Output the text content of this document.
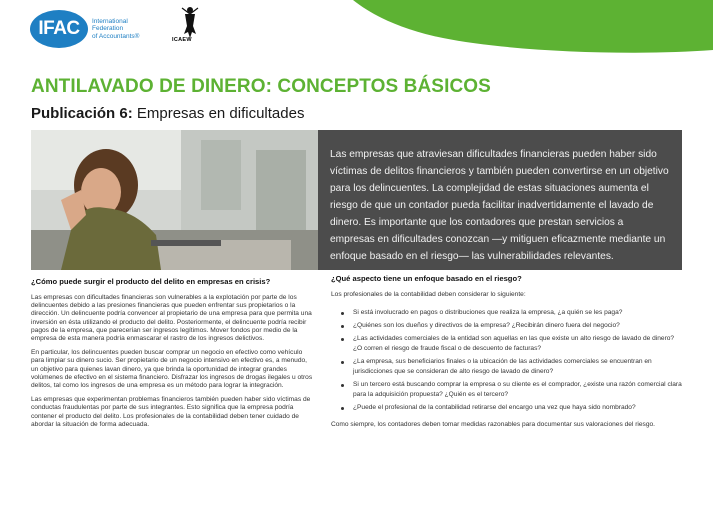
IFAC	International
Federation
of Accountants®
ICAEW
ANTILAVADO DE DINERO: CONCEPTOS BÁSICOS
Publicación 6: Empresas en dificultades

Las empresas que atraviesan dificultades financieras pueden haber sido víctimas de delitos financieros y también pueden convertirse en un objetivo para los delincuentes. La complejidad de estas situaciones aumenta el riesgo de que un contador pueda facilitar inadvertidamente el lavado de dinero. Es importante que los contadores que prestan servicios a empresas en dificultades conozcan —y mitiguen eficazmente mediante un enfoque basado en el riesgo— las vulnerabilidades relevantes.

¿Cómo puede surgir el producto del delito en empresas en crisis?

Las empresas con dificultades financieras son vulnerables a la explotación por parte de los delincuentes debido a las presiones financieras que pueden enfrentar sus propietarios o la dirección. Un delincuente podría convencer al propietario de una empresa para que permita una inversión en ésta utilizando el producto del delito. Posteriormente, el delincuente podría recibir pagos de la empresa, que parecerían ser ingresos legítimos. Mover fondos por medio de la empresa de esta manera podría enmascarar el rastro de los ingresos delictivos.

En particular, los delincuentes pueden buscar comprar un negocio en efectivo como vehículo para limpiar su dinero sucio. Ser propietario de un negocio intensivo en efectivo es, a menudo, un objetivo para quienes lavan dinero, ya que brinda la oportunidad de integrar grandes volúmenes de efectivo en el sistema financiero. Disfrazar los ingresos de drogas ilegales u otros delitos, tal como los ingresos de una empresa es un método para lograr la integración.

Las empresas que experimentan problemas financieros también pueden haber sido víctimas de conductas fraudulentas por parte de sus integrantes. Esto significa que la empresa podría contener el producto del delito. Los profesionales de la contabilidad deben tener cuidado de abordar la situación de forma adecuada.

¿Qué aspecto tiene un enfoque basado en el riesgo?

Los profesionales de la contabilidad deben considerar lo siguiente:

Si está involucrado en pagos o distribuciones que realiza la empresa, ¿a quién se les paga?
¿Quiénes son los dueños y directivos de la empresa? ¿Recibirán dinero fuera del negocio?
¿Las actividades comerciales de la entidad son aquellas en las que existe un alto riesgo de lavado de dinero? ¿O corren el riesgo de fraude fiscal o de descuento de facturas?
¿La empresa, sus beneficiarios finales o la ubicación de las actividades comerciales se encuentran en jurisdicciones que se consideran de alto riesgo de lavado de dinero?
Si un tercero está buscando comprar la empresa o su cliente es el comprador, ¿existe una razón comercial clara para la adquisición propuesta? ¿Quién es el tercero?
¿Puede el profesional de la contabilidad retirarse del encargo una vez que haya sido nombrado?

Como siempre, los contadores deben tomar medidas razonables para documentar sus valoraciones del riesgo.
